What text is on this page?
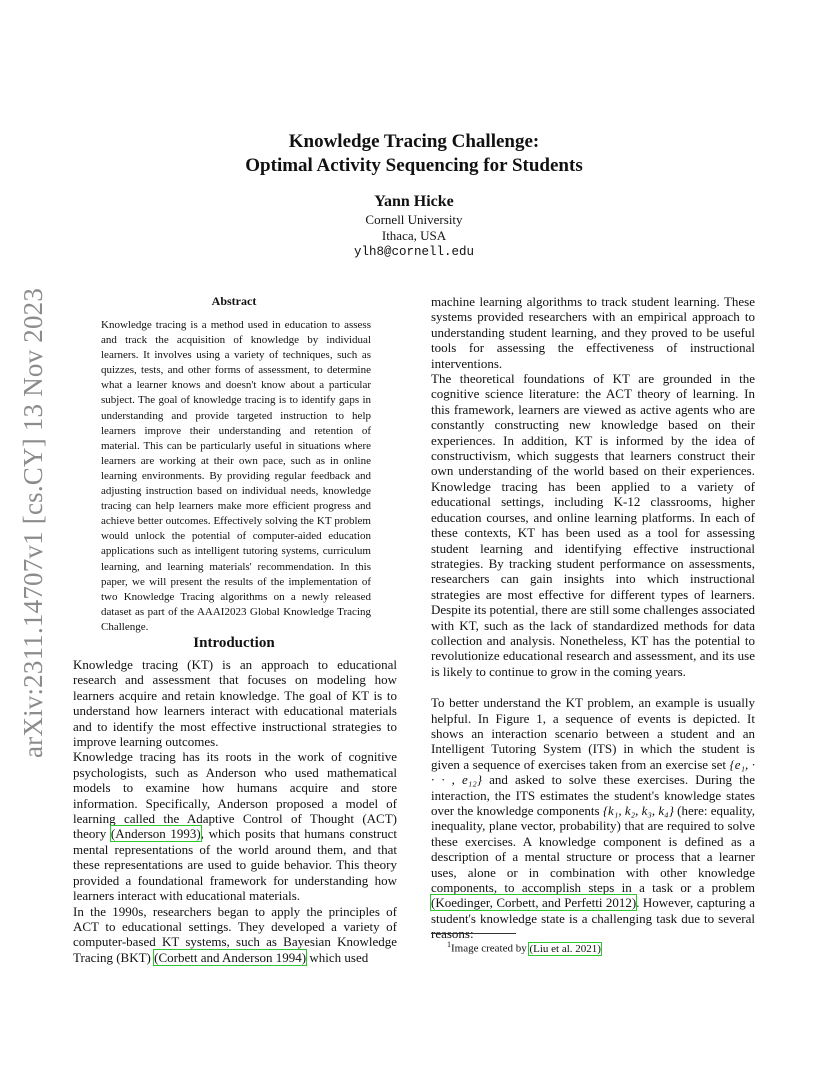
arXiv:2311.14707v1 [cs.CY] 13 Nov 2023
Knowledge Tracing Challenge:
Optimal Activity Sequencing for Students
Yann Hicke
Cornell University
Ithaca, USA
ylh8@cornell.edu
Abstract

Knowledge tracing is a method used in education to assess and track the acquisition of knowledge by individual learners. It involves using a variety of techniques, such as quizzes, tests, and other forms of assessment, to determine what a learner knows and doesn't know about a particular subject. The goal of knowledge tracing is to identify gaps in understanding and provide targeted instruction to help learners improve their understanding and retention of material. This can be particularly useful in situations where learners are working at their own pace, such as in online learning environments. By providing regular feedback and adjusting instruction based on individual needs, knowledge tracing can help learners make more efficient progress and achieve better outcomes. Effectively solving the KT problem would unlock the potential of computer-aided education applications such as intelligent tutoring systems, curriculum learning, and learning materials' recommendation. In this paper, we will present the results of the implementation of two Knowledge Tracing algorithms on a newly released dataset as part of the AAAI2023 Global Knowledge Tracing Challenge.

Introduction

Knowledge tracing (KT) is an approach to educational research and assessment that focuses on modeling how learners acquire and retain knowledge. The goal of KT is to understand how learners interact with educational materials and to identify the most effective instructional strategies to improve learning outcomes.

Knowledge tracing has its roots in the work of cognitive psychologists, such as Anderson who used mathematical models to examine how humans acquire and store information. Specifically, Anderson proposed a model of learning called the Adaptive Control of Thought (ACT) theory (Anderson 1993), which posits that humans construct mental representations of the world around them, and that these representations are used to guide behavior. This theory provided a foundational framework for understanding how learners interact with educational materials.

In the 1990s, researchers began to apply the principles of ACT to educational settings. They developed a variety of computer-based KT systems, such as Bayesian Knowledge Tracing (BKT) (Corbett and Anderson 1994) which used

machine learning algorithms to track student learning. These systems provided researchers with an empirical approach to understanding student learning, and they proved to be useful tools for assessing the effectiveness of instructional interventions.

The theoretical foundations of KT are grounded in the cognitive science literature: the ACT theory of learning. In this framework, learners are viewed as active agents who are constantly constructing new knowledge based on their experiences. In addition, KT is informed by the idea of constructivism, which suggests that learners construct their own understanding of the world based on their experiences. Knowledge tracing has been applied to a variety of educational settings, including K-12 classrooms, higher education courses, and online learning platforms. In each of these contexts, KT has been used as a tool for assessing student learning and identifying effective instructional strategies. By tracking student performance on assessments, researchers can gain insights into which instructional strategies are most effective for different types of learners. Despite its potential, there are still some challenges associated with KT, such as the lack of standardized methods for data collection and analysis. Nonetheless, KT has the potential to revolutionize educational research and assessment, and its use is likely to continue to grow in the coming years.

To better understand the KT problem, an example is usually helpful. In Figure 1, a sequence of events is depicted. It shows an interaction scenario between a student and an Intelligent Tutoring System (ITS) in which the student is given a sequence of exercises taken from an exercise set {e₁, · · · , e₁₂} and asked to solve these exercises. During the interaction, the ITS estimates the student's knowledge states over the knowledge components {k₁, k₂, k₃, k₄} (here: equality, inequality, plane vector, probability) that are required to solve these exercises. A knowledge component is defined as a description of a mental structure or process that a learner uses, alone or in combination with other knowledge components, to accomplish steps in a task or a problem (Koedinger, Corbett, and Perfetti 2012). However, capturing a student's knowledge state is a challenging task due to several reasons:

$^1$Image created by (Liu et al. 2021)
